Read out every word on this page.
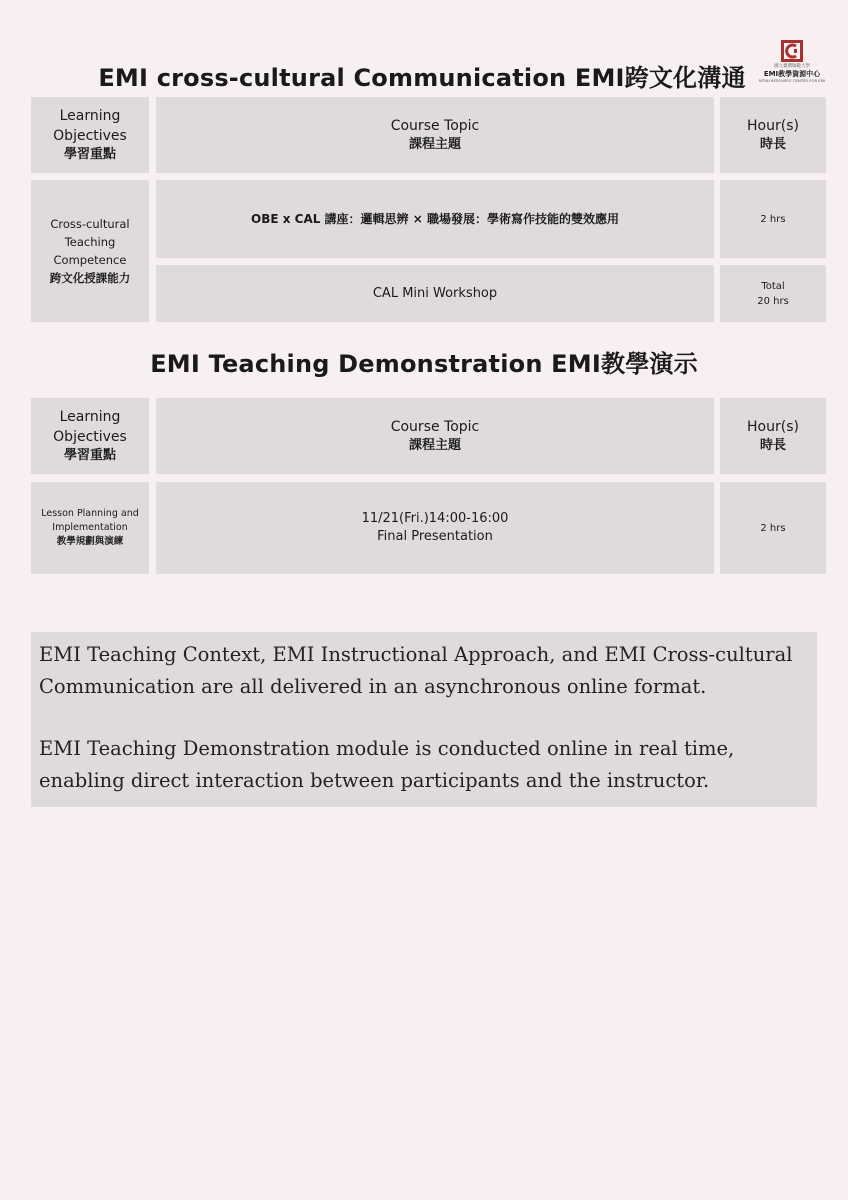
國立臺灣師範大學
EMI教學資源中心
NTNU RESOURCE CENTER FOR EMI
EMI cross-cultural Communication EMI跨文化溝通
Learning
Objectives
學習重點
Course Topic
課程主題
Hour(s)
時長
Cross-cultural
Teaching
Competence
跨文化授課能力
OBE x CAL 講座：邏輯思辨 × 職場發展：學術寫作技能的雙效應用	2 hrs
CAL Mini Workshop	Total
20 hrs
EMI Teaching Demonstration EMI教學演示
Learning
Objectives
學習重點
Course Topic
課程主題
Hour(s)
時長
Lesson Planning and
Implementation
教學規劃與演練
11/21(Fri.)14:00-16:00
Final Presentation
2 hrs

EMI Teaching Context, EMI Instructional Approach, and EMI Cross-cultural
Communication are all delivered in an asynchronous online format.

EMI Teaching Demonstration module is conducted online in real time,
enabling direct interaction between participants and the instructor.
